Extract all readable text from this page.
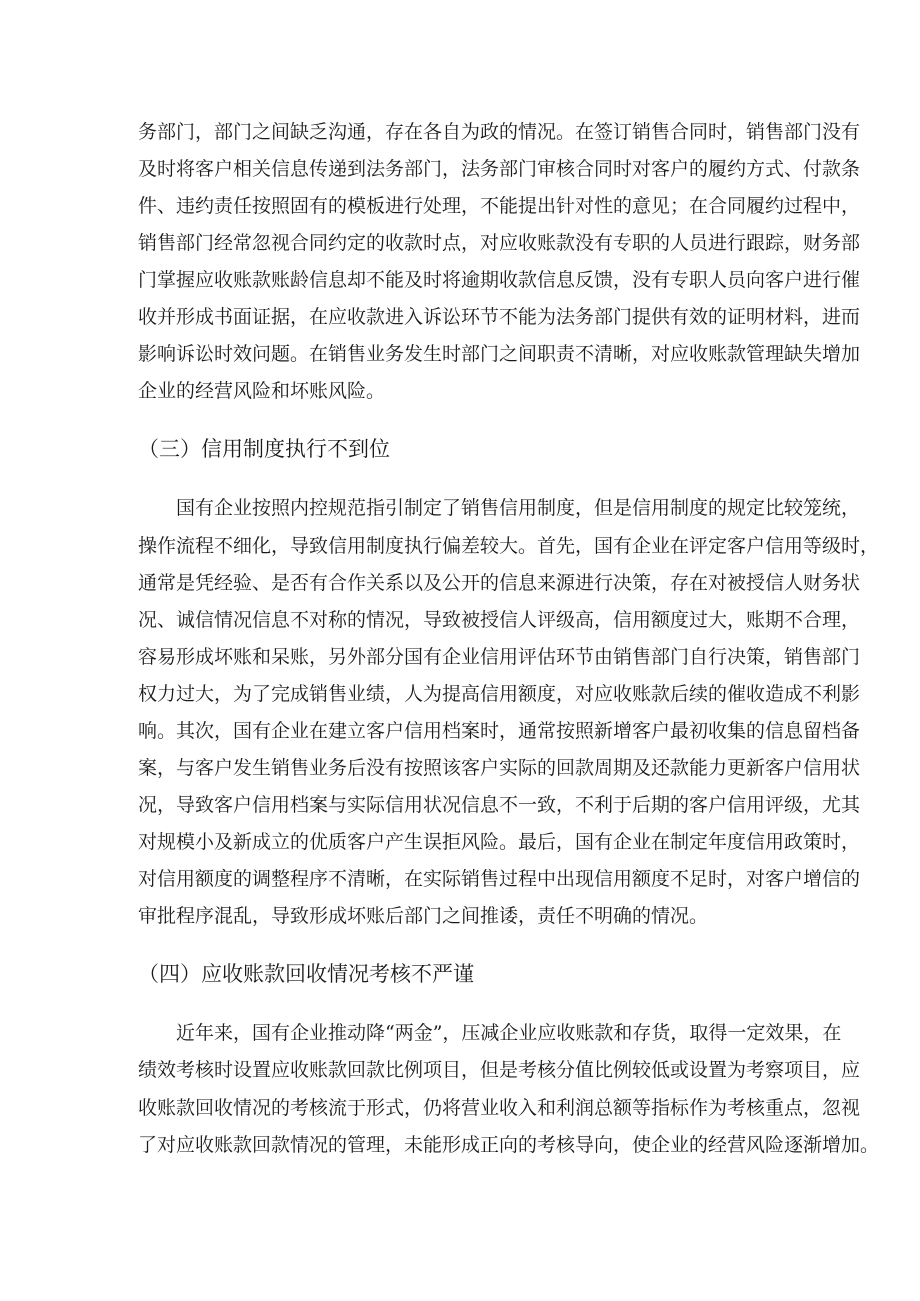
务部门，部门之间缺乏沟通，存在各自为政的情况。在签订销售合同时，销售部门没有
及时将客户相关信息传递到法务部门，法务部门审核合同时对客户的履约方式、付款条
件、违约责任按照固有的模板进行处理，不能提出针对性的意见；在合同履约过程中，
销售部门经常忽视合同约定的收款时点，对应收账款没有专职的人员进行跟踪，财务部
门掌握应收账款账龄信息却不能及时将逾期收款信息反馈，没有专职人员向客户进行催
收并形成书面证据，在应收款进入诉讼环节不能为法务部门提供有效的证明材料，进而
影响诉讼时效问题。在销售业务发生时部门之间职责不清晰，对应收账款管理缺失增加
企业的经营风险和坏账风险。
（三）信用制度执行不到位
国有企业按照内控规范指引制定了销售信用制度，但是信用制度的规定比较笼统，
操作流程不细化，导致信用制度执行偏差较大。首先，国有企业在评定客户信用等级时，
通常是凭经验、是否有合作关系以及公开的信息来源进行决策，存在对被授信人财务状
况、诚信情况信息不对称的情况，导致被授信人评级高，信用额度过大，账期不合理，
容易形成坏账和呆账，另外部分国有企业信用评估环节由销售部门自行决策，销售部门
权力过大，为了完成销售业绩，人为提高信用额度，对应收账款后续的催收造成不利影
响。其次，国有企业在建立客户信用档案时，通常按照新增客户最初收集的信息留档备
案，与客户发生销售业务后没有按照该客户实际的回款周期及还款能力更新客户信用状
况，导致客户信用档案与实际信用状况信息不一致，不利于后期的客户信用评级，尤其
对规模小及新成立的优质客户产生误拒风险。最后，国有企业在制定年度信用政策时，
对信用额度的调整程序不清晰，在实际销售过程中出现信用额度不足时，对客户增信的
审批程序混乱，导致形成坏账后部门之间推诿，责任不明确的情况。
（四）应收账款回收情况考核不严谨
近年来，国有企业推动降“两金”，压减企业应收账款和存货，取得一定效果，在
绩效考核时设置应收账款回款比例项目，但是考核分值比例较低或设置为考察项目，应
收账款回收情况的考核流于形式，仍将营业收入和利润总额等指标作为考核重点，忽视
了对应收账款回款情况的管理，未能形成正向的考核导向，使企业的经营风险逐渐增加。
